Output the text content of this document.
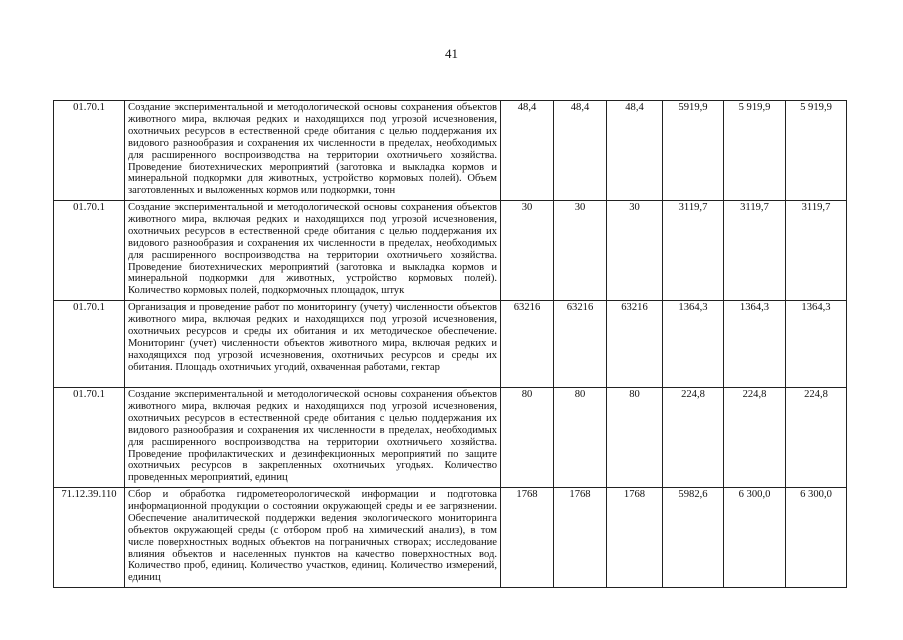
41
01.70.1	Создание экспериментальной и методологической основы сохранения объектов животного мира, включая редких и находящихся под угрозой исчезновения, охотничьих ресурсов в естественной среде обитания с целью поддержания их видового разнообразия и сохранения их численности в пределах, необходимых для расширенного воспроизводства на территории охотничьего хозяйства. Проведение биотехнических мероприятий (заготовка и выкладка кормов и минеральной подкормки для животных, устройство кормовых полей). Объем заготовленных и выложенных кормов или подкормки, тонн	48,4	48,4	48,4	5919,9	5 919,9	5 919,9
01.70.1	Создание экспериментальной и методологической основы сохранения объектов животного мира, включая редких и находящихся под угрозой исчезновения, охотничьих ресурсов в естественной среде обитания с целью поддержания их видового разнообразия и сохранения их численности в пределах, необходимых для расширенного воспроизводства на территории охотничьего хозяйства. Проведение биотехнических мероприятий (заготовка и выкладка кормов и минеральной подкормки для животных, устройство кормовых полей). Количество кормовых полей, подкормочных площадок, штук	30	30	30	3119,7	3119,7	3119,7
01.70.1	Организация и проведение работ по мониторингу (учету) численности объектов животного мира, включая редких и находящихся под угрозой исчезновения, охотничьих ресурсов и среды их обитания и их методическое обеспечение. Мониторинг (учет) численности объектов животного мира, включая редких и находящихся под угрозой исчезновения, охотничьих ресурсов и среды их обитания. Площадь охотничьих угодий, охваченная работами, гектар	63216	63216	63216	1364,3	1364,3	1364,3
01.70.1	Создание экспериментальной и методологической основы сохранения объектов животного мира, включая редких и находящихся под угрозой исчезновения, охотничьих ресурсов в естественной среде обитания с целью поддержания их видового разнообразия и сохранения их численности в пределах, необходимых для расширенного воспроизводства на территории охотничьего хозяйства. Проведение профилактических и дезинфекционных мероприятий по защите охотничьих ресурсов в закрепленных охотничьих угодьях. Количество проведенных мероприятий, единиц	80	80	80	224,8	224,8	224,8
71.12.39.110	Сбор и обработка гидрометеорологической информации и подготовка информационной продукции о состоянии окружающей среды и ее загрязнении. Обеспечение аналитической поддержки ведения экологического мониторинга объектов окружающей среды (с отбором проб на химический анализ), в том числе поверхностных водных объектов на пограничных створах; исследование влияния объектов и населенных пунктов на качество поверхностных вод. Количество проб, единиц. Количество участков, единиц. Количество измерений, единиц	1768	1768	1768	5982,6	6 300,0	6 300,0
